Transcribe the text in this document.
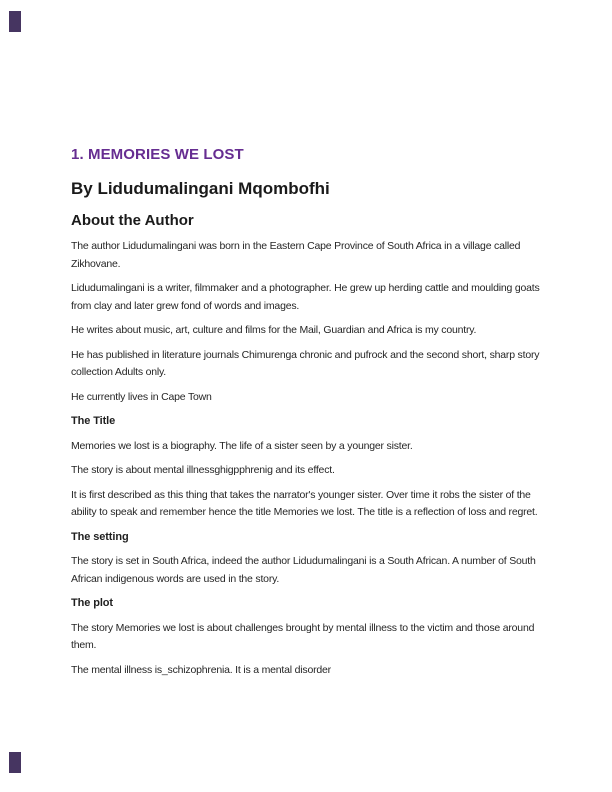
1. MEMORIES WE LOST

By Lidudumalingani Mqombofhi

About the Author

The author Lidudumalingani was born in the Eastern Cape Province of South Africa in a village called Zikhovane.

Lidudumalingani is a writer, filmmaker and a photographer. He grew up herding cattle and moulding goats from clay and later grew fond of words and images.

He writes about music, art, culture and films for the Mail, Guardian and Africa is my country.

He has published in literature journals Chimurenga chronic and pufrock and the second short, sharp story collection Adults only.

He currently lives in Cape Town

The Title

Memories we lost is a biography. The life of a sister seen by a younger sister.

The story is about mental illnessghigpphrenig and its effect.

It is first described as this thing that takes the narrator's younger sister. Over time it robs the sister of the ability to speak and remember hence the title Memories we lost. The title is a reflection of loss and regret.

The setting

The story is set in South Africa, indeed the author Lidudumalingani is a South African. A number of South African indigenous words are used in the story.

The plot

The story Memories we lost is about challenges brought by mental illness to the victim and those around them.

The mental illness is_schizophrenia. It is a mental disorder
